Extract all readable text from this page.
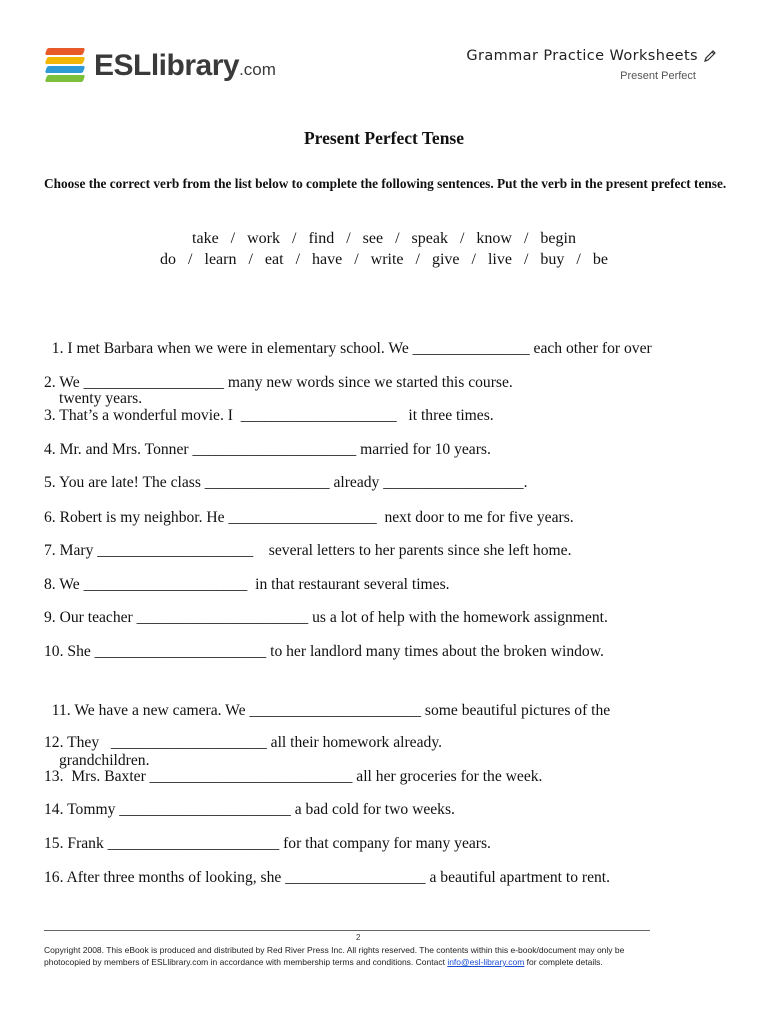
ESLlibrary.com
Grammar Practice Worksheets
Present Perfect
Present Perfect Tense
Choose the correct verb from the list below to complete the following sentences. Put the verb in the present prefect tense.
take   /   work   /   find   /   see   /   speak   /   know   /   begin
do   /   learn   /   eat   /   have   /   write   /   give   /   live   /   buy   /   be

1. I met Barbara when we were in elementary school. We _______________ each other for over

twenty years.

2. We __________________ many new words since we started this course.
3. That’s a wonderful movie. I  ____________________   it three times.
4. Mr. and Mrs. Tonner _____________________ married for 10 years.
5. You are late! The class ________________ already __________________.
6. Robert is my neighbor. He ___________________  next door to me for five years.
7. Mary ____________________    several letters to her parents since she left home.
8. We _____________________  in that restaurant several times.
9. Our teacher ______________________ us a lot of help with the homework assignment.
10. She ______________________ to her landlord many times about the broken window.

11. We have a new camera. We ______________________ some beautiful pictures of the

grandchildren.

12. They   ____________________ all their homework already.
13.  Mrs. Baxter __________________________ all her groceries for the week.
14. Tommy ______________________ a bad cold for two weeks.
15. Frank ______________________ for that company for many years.
16. After three months of looking, she __________________ a beautiful apartment to rent.
2
Copyright 2008. This eBook is produced and distributed by Red River Press Inc. All rights reserved. The contents within this e-book/document may only be
photocopied by members of ESLlibrary.com in accordance with membership terms and conditions. Contact info@esl-library.com for complete details.
